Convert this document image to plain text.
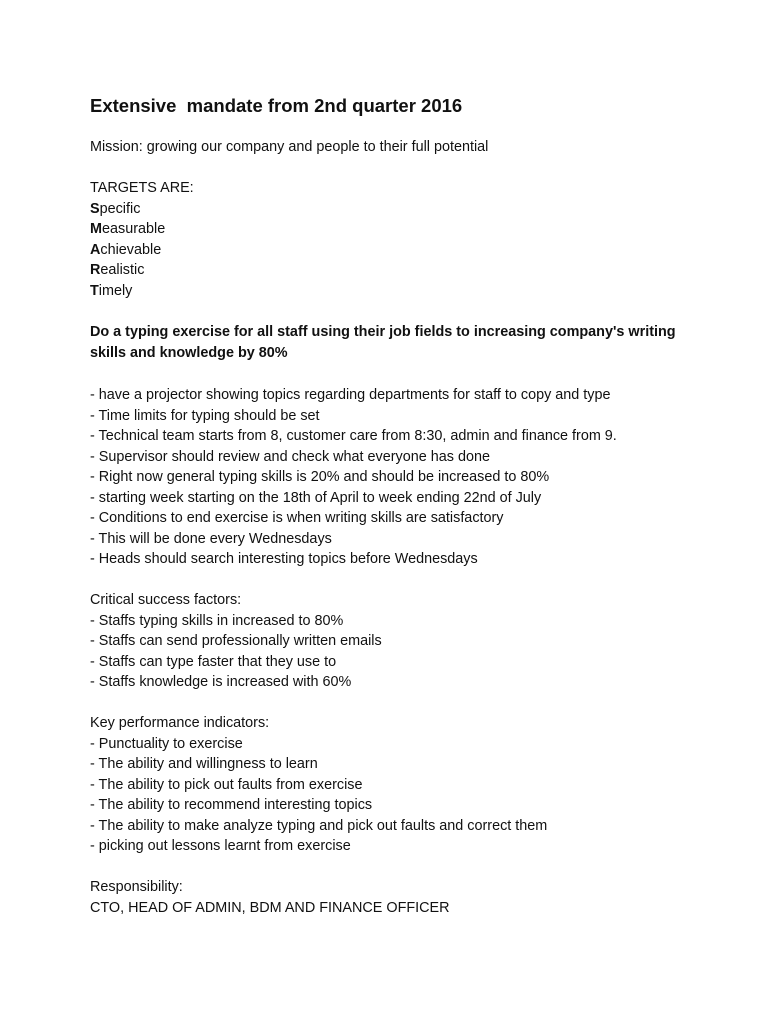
Extensive  mandate from 2nd quarter 2016

Mission: growing our company and people to their full potential

TARGETS ARE:

Specific

Measurable

Achievable

Realistic

Timely

Do a typing exercise for all staff using their job fields to increasing company's writing skills and knowledge by 80%

- have a projector showing topics regarding departments for staff to copy and type

- Time limits for typing should be set

- Technical team starts from 8, customer care from 8:30, admin and finance from 9.

- Supervisor should review and check what everyone has done

- Right now general typing skills is 20% and should be increased to 80%

- starting week starting on the 18th of April to week ending 22nd of July

- Conditions to end exercise is when writing skills are satisfactory

- This will be done every Wednesdays

- Heads should search interesting topics before Wednesdays

Critical success factors:

- Staffs typing skills in increased to 80%

- Staffs can send professionally written emails

- Staffs can type faster that they use to

- Staffs knowledge is increased with 60%

Key performance indicators:

- Punctuality to exercise

- The ability and willingness to learn

- The ability to pick out faults from exercise

- The ability to recommend interesting topics

- The ability to make analyze typing and pick out faults and correct them

- picking out lessons learnt from exercise

Responsibility:

CTO, HEAD OF ADMIN, BDM AND FINANCE OFFICER
